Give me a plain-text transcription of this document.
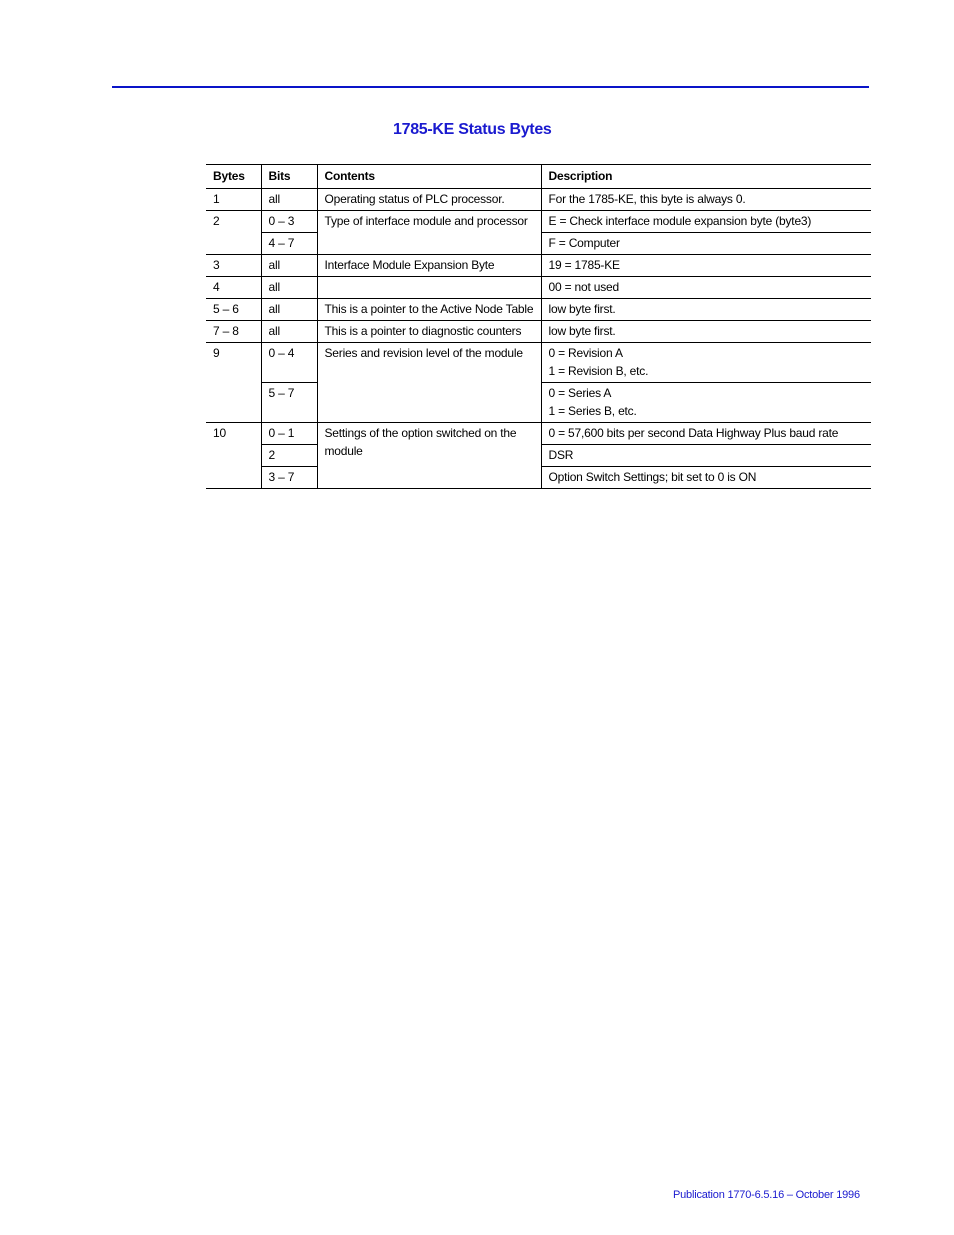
1785-KE Status Bytes
Bytes	Bits	Contents	Description
1	all	Operating status of PLC processor.	For the 1785-KE, this byte is always 0.
2	0 – 3	Type of interface module and processor	E = Check interface module expansion byte (byte3)
	4 – 7		F = Computer
3	all	Interface Module Expansion Byte	19 = 1785-KE
4	all		00 = not used
5 – 6	all	This is a pointer to the Active Node Table	low byte first.
7 – 8	all	This is a pointer to diagnostic counters	low byte first.
9	0 – 4	Series and revision level of the module	0 = Revision A
1 = Revision B, etc.

	5 – 7		0 = Series A
1 = Series B, etc.

10	0 – 1	Settings of the option switched on the module	0 = 57,600 bits per second Data Highway Plus baud rate
	2		DSR
	3 – 7		Option Switch Settings; bit set to 0 is ON
Publication 1770-6.5.16 – October 1996
